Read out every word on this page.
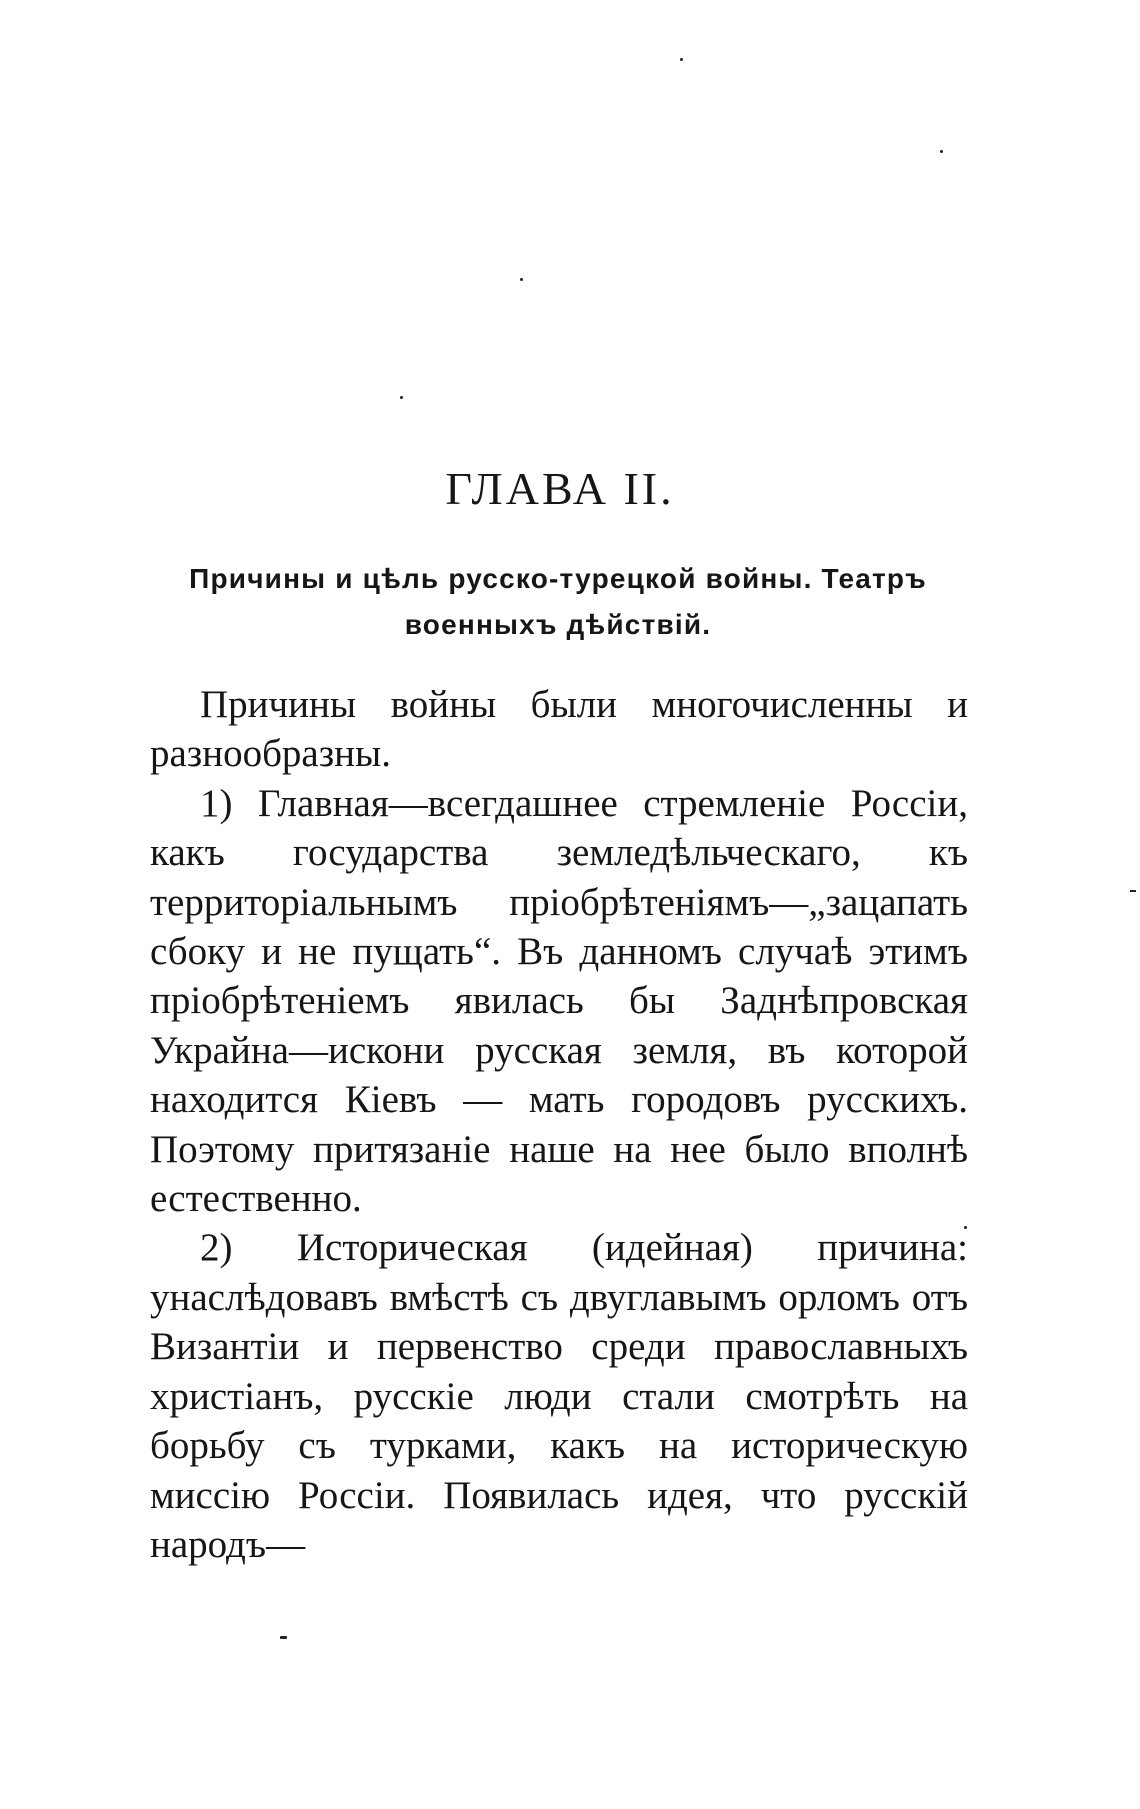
ГЛАВА II.
Причины и цѣль русско-турецкой войны. Театръ военныхъ дѣйствій.

Причины войны были многочисленны и разнообразны.

1) Главная—всегдашнее стремленіе Россіи, какъ государства земледѣльческаго, къ территоріальнымъ пріобрѣтеніямъ—„зацапать сбоку и не пущать“. Въ данномъ случаѣ этимъ пріобрѣтеніемъ явилась бы Заднѣпровская Украйна—искони русская земля, въ которой находится Кіевъ — мать городовъ русскихъ. Поэтому притязаніе наше на нее было вполнѣ естественно.

2) Историческая (идейная) причина: унаслѣдовавъ вмѣстѣ съ двуглавымъ орломъ отъ Византіи и первенство среди православныхъ христіанъ, русскіе люди стали смотрѣть на борьбу съ турками, какъ на историческую миссію Россіи. Появилась идея, что русскій народъ—
